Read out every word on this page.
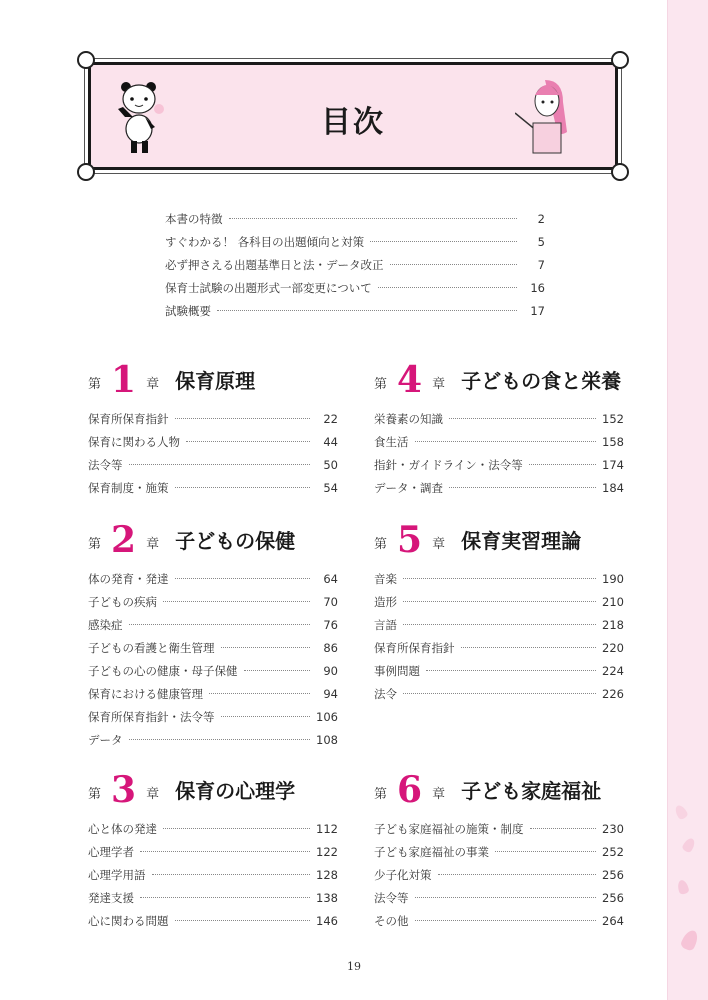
目次
本書の特徴	2
すぐわかる！ 各科目の出題傾向と対策	5
必ず押さえる出題基準日と法・データ改正	7
保育士試験の出題形式一部変更について	16
試験概要	17
第 1 章 保育原理
保育所保育指針	22
保育に関わる人物	44
法令等	50
保育制度・施策	54
第 2 章 子どもの保健
体の発育・発達	64
子どもの疾病	70
感染症	76
子どもの看護と衛生管理	86
子どもの心の健康・母子保健	90
保育における健康管理	94
保育所保育指針・法令等	106
データ	108
第 3 章 保育の心理学
心と体の発達	112
心理学者	122
心理学用語	128
発達支援	138
心に関わる問題	146
第 4 章 子どもの食と栄養
栄養素の知識	152
食生活	158
指針・ガイドライン・法令等	174
データ・調査	184
第 5 章 保育実習理論
音楽	190
造形	210
言語	218
保育所保育指針	220
事例問題	224
法令	226
第 6 章 子ども家庭福祉
子ども家庭福祉の施策・制度	230
子ども家庭福祉の事業	252
少子化対策	256
法令等	256
その他	264
19
